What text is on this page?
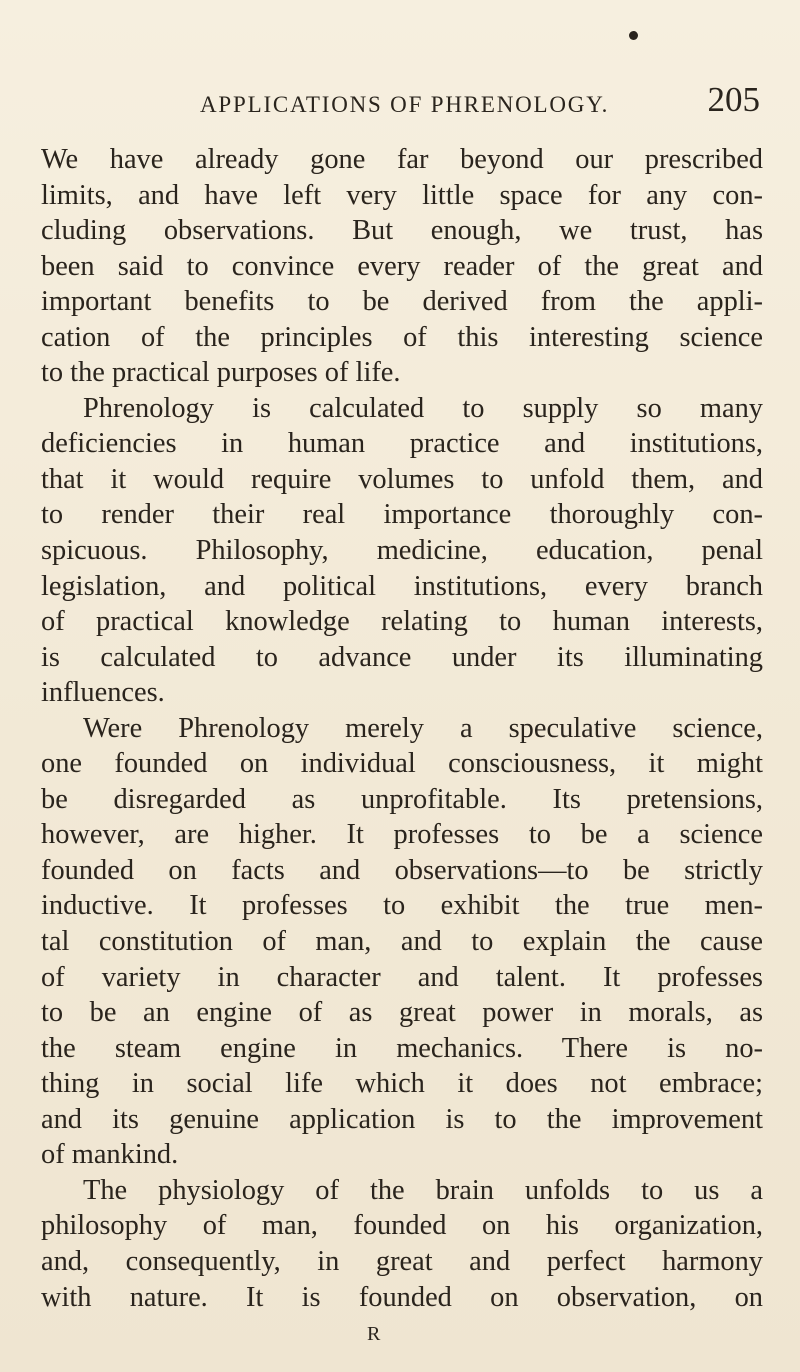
APPLICATIONS OF PHRENOLOGY.	205
We have already gone far beyond our prescribed
limits, and have left very little space for any con-
cluding observations. But enough, we trust, has
been said to convince every reader of the great and
important benefits to be derived from the appli-
cation of the principles of this interesting science
to the practical purposes of life.
Phrenology is calculated to supply so many
deficiencies in human practice and institutions,
that it would require volumes to unfold them, and
to render their real importance thoroughly con-
spicuous. Philosophy, medicine, education, penal
legislation, and political institutions, every branch
of practical knowledge relating to human interests,
is calculated to advance under its illuminating
influences.
Were Phrenology merely a speculative science,
one founded on individual consciousness, it might
be disregarded as unprofitable. Its pretensions,
however, are higher. It professes to be a science
founded on facts and observations—to be strictly
inductive. It professes to exhibit the true men-
tal constitution of man, and to explain the cause
of variety in character and talent. It professes
to be an engine of as great power in morals, as
the steam engine in mechanics. There is no-
thing in social life which it does not embrace;
and its genuine application is to the improvement
of mankind.
The physiology of the brain unfolds to us a
philosophy of man, founded on his organization,
and, consequently, in great and perfect harmony
with nature. It is founded on observation, on
R
